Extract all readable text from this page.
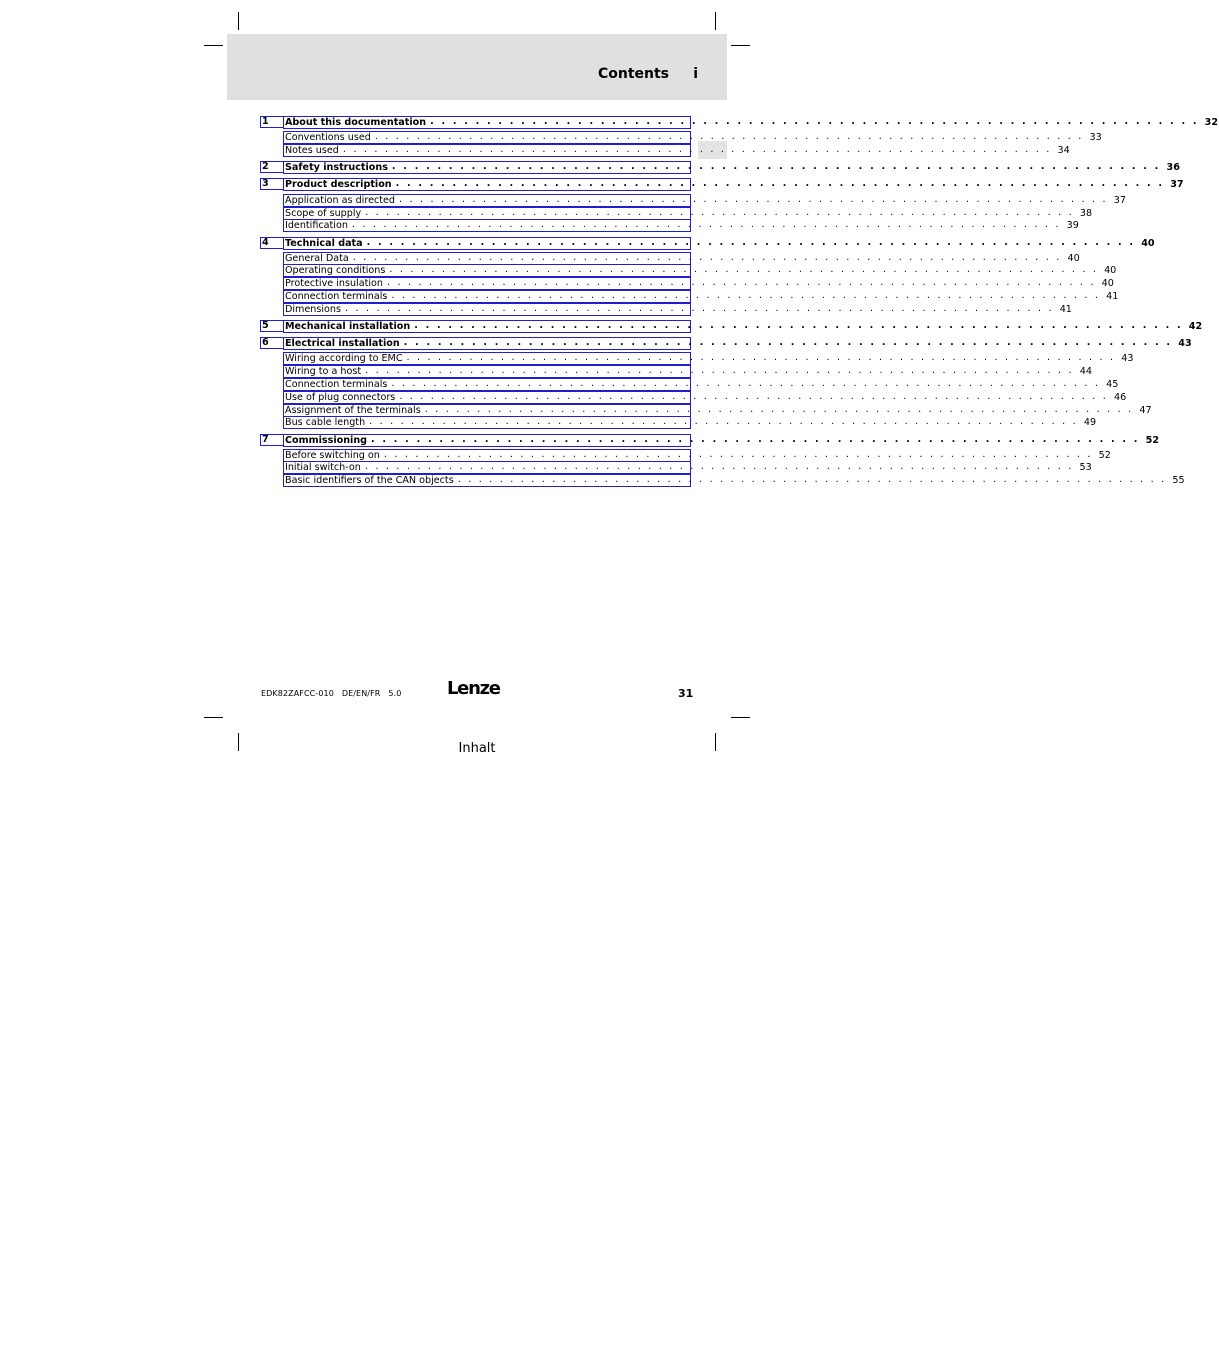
Contents i
1	About this documentation . . . . . . . . . . . . . . . . . . . . . . . . . . . . . . . . . . . . . . . . . . . . . . . . . . . . . . . . . . . . . . . . . . . . 32
Conventions used . . . . . . . . . . . . . . . . . . . . . . . . . . . . . . . . . . . . . . . . . . . . . . . . . . . . . . . . . . . . . . . . . . . . 33
Notes used . . . . . . . . . . . . . . . . . . . . . . . . . . . . . . . . . . . . . . . . . . . . . . . . . . . . . . . . . . . . . . . . . . . . 34
2	Safety instructions . . . . . . . . . . . . . . . . . . . . . . . . . . . . . . . . . . . . . . . . . . . . . . . . . . . . . . . . . . . . . . . . . . . . 36
3	Product description . . . . . . . . . . . . . . . . . . . . . . . . . . . . . . . . . . . . . . . . . . . . . . . . . . . . . . . . . . . . . . . . . . . . 37
Application as directed . . . . . . . . . . . . . . . . . . . . . . . . . . . . . . . . . . . . . . . . . . . . . . . . . . . . . . . . . . . . . . . . . . . . 37
Scope of supply . . . . . . . . . . . . . . . . . . . . . . . . . . . . . . . . . . . . . . . . . . . . . . . . . . . . . . . . . . . . . . . . . . . . 38
Identification . . . . . . . . . . . . . . . . . . . . . . . . . . . . . . . . . . . . . . . . . . . . . . . . . . . . . . . . . . . . . . . . . . . . 39
4	Technical data . . . . . . . . . . . . . . . . . . . . . . . . . . . . . . . . . . . . . . . . . . . . . . . . . . . . . . . . . . . . . . . . . . . . 40
General Data . . . . . . . . . . . . . . . . . . . . . . . . . . . . . . . . . . . . . . . . . . . . . . . . . . . . . . . . . . . . . . . . . . . . 40
Operating conditions . . . . . . . . . . . . . . . . . . . . . . . . . . . . . . . . . . . . . . . . . . . . . . . . . . . . . . . . . . . . . . . . . . . . 40
Protective insulation . . . . . . . . . . . . . . . . . . . . . . . . . . . . . . . . . . . . . . . . . . . . . . . . . . . . . . . . . . . . . . . . . . . . 40
Connection terminals . . . . . . . . . . . . . . . . . . . . . . . . . . . . . . . . . . . . . . . . . . . . . . . . . . . . . . . . . . . . . . . . . . . . 41
Dimensions . . . . . . . . . . . . . . . . . . . . . . . . . . . . . . . . . . . . . . . . . . . . . . . . . . . . . . . . . . . . . . . . . . . . 41
5	Mechanical installation . . . . . . . . . . . . . . . . . . . . . . . . . . . . . . . . . . . . . . . . . . . . . . . . . . . . . . . . . . . . . . . . . . . . 42
6	Electrical installation . . . . . . . . . . . . . . . . . . . . . . . . . . . . . . . . . . . . . . . . . . . . . . . . . . . . . . . . . . . . . . . . . . . . 43
Wiring according to EMC . . . . . . . . . . . . . . . . . . . . . . . . . . . . . . . . . . . . . . . . . . . . . . . . . . . . . . . . . . . . . . . . . . . . 43
Wiring to a host . . . . . . . . . . . . . . . . . . . . . . . . . . . . . . . . . . . . . . . . . . . . . . . . . . . . . . . . . . . . . . . . . . . . 44
Connection terminals . . . . . . . . . . . . . . . . . . . . . . . . . . . . . . . . . . . . . . . . . . . . . . . . . . . . . . . . . . . . . . . . . . . . 45
Use of plug connectors . . . . . . . . . . . . . . . . . . . . . . . . . . . . . . . . . . . . . . . . . . . . . . . . . . . . . . . . . . . . . . . . . . . . 46
Assignment of the terminals . . . . . . . . . . . . . . . . . . . . . . . . . . . . . . . . . . . . . . . . . . . . . . . . . . . . . . . . . . . . . . . . . . . . 47
Bus cable length . . . . . . . . . . . . . . . . . . . . . . . . . . . . . . . . . . . . . . . . . . . . . . . . . . . . . . . . . . . . . . . . . . . . 49
7	Commissioning . . . . . . . . . . . . . . . . . . . . . . . . . . . . . . . . . . . . . . . . . . . . . . . . . . . . . . . . . . . . . . . . . . . . 52
Before switching on . . . . . . . . . . . . . . . . . . . . . . . . . . . . . . . . . . . . . . . . . . . . . . . . . . . . . . . . . . . . . . . . . . . . 52
Initial switch-on . . . . . . . . . . . . . . . . . . . . . . . . . . . . . . . . . . . . . . . . . . . . . . . . . . . . . . . . . . . . . . . . . . . . 53
Basic identifiers of the CAN objects . . . . . . . . . . . . . . . . . . . . . . . . . . . . . . . . . . . . . . . . . . . . . . . . . . . . . . . . . . . . . . . . . . . . 55
EDK82ZAFCC-010   DE/EN/FR   5.0	Lenze	31
Inhalt
